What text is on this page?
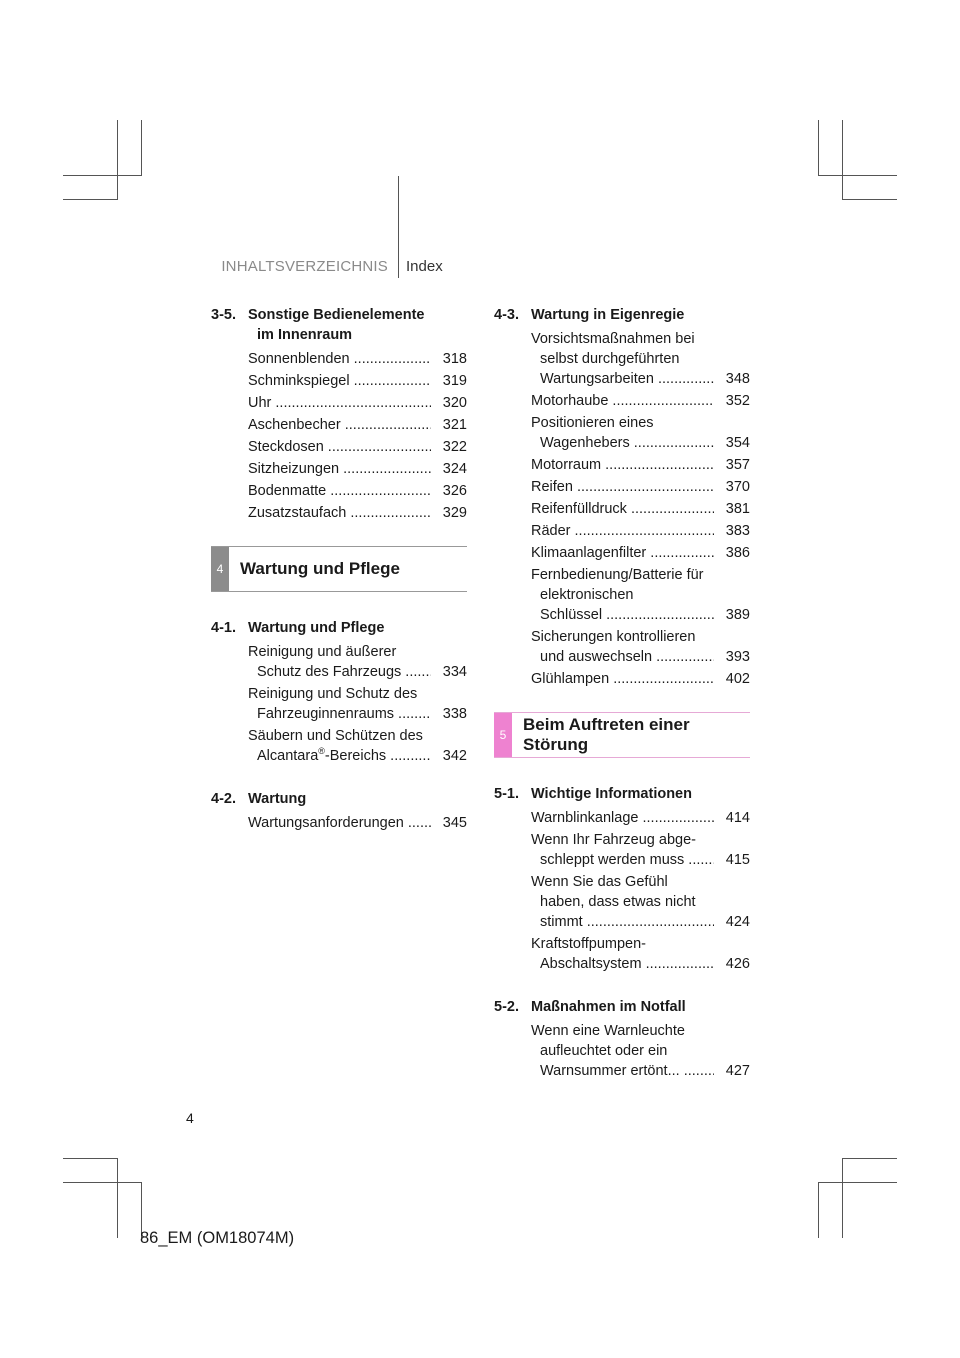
INHALTSVERZEICHNIS Index
3-5. Sonstige Bedienelemente
im Innenraum
Sonnenblenden .....	318
Schminkspiegel .....	319
Uhr .....	320
Aschenbecher .....	321
Steckdosen .....	322
Sitzheizungen .....	324
Bodenmatte .....	326
Zusatzstaufach .....	329
4 Wartung und Pflege
4-1. Wartung und Pflege
Reinigung und äußerer
Schutz des Fahrzeugs .....	334
Reinigung und Schutz des
Fahrzeuginnenraums .....	338
Säubern und Schützen des
Alcantara®-Bereichs .....	342
4-2. Wartung
Wartungsanforderungen .....	345
4-3. Wartung in Eigenregie
Vorsichtsmaßnahmen bei
selbst durchgeführten
Wartungsarbeiten .....	348
Motorhaube .....	352
Positionieren eines
Wagenhebers .....	354
Motorraum .....	357
Reifen .....	370
Reifenfülldruck .....	381
Räder .....	383
Klimaanlagenfilter .....	386
Fernbedienung/Batterie für
elektronischen
Schlüssel .....	389
Sicherungen kontrollieren
und auswechseln .....	393
Glühlampen .....	402
5
Beim Auftreten einer
Störung
5-1. Wichtige Informationen
Warnblinkanlage .....	414
Wenn Ihr Fahrzeug abge-
schleppt werden muss .....	415
Wenn Sie das Gefühl
haben, dass etwas nicht
stimmt .....	424
Kraftstoffpumpen-
Abschaltsystem .....	426
5-2. Maßnahmen im Notfall
Wenn eine Warnleuchte
aufleuchtet oder ein
Warnsummer ertönt... .....	427
4
86_EM (OM18074M)
